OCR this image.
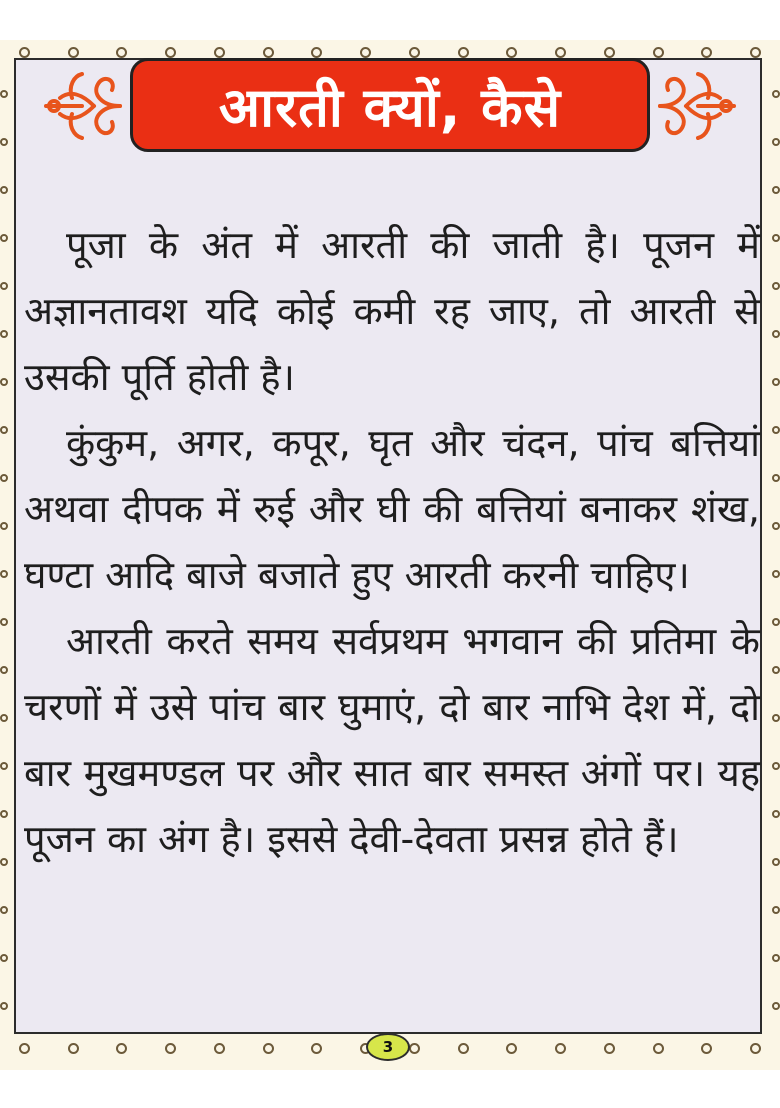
3
आरती क्यों, कैसे

पूजा के अंत में आरती की जाती है। पूजन में अज्ञानतावश यदि कोई कमी रह जाए, तो आरती से उसकी पूर्ति होती है।

कुंकुम, अगर, कपूर, घृत और चंदन, पांच बत्तियां अथवा दीपक में रुई और घी की बत्तियां बनाकर शंख, घण्टा आदि बाजे बजाते हुए आरती करनी चाहिए।

आरती करते समय सर्वप्रथम भगवान की प्रतिमा के चरणों में उसे पांच बार घुमाएं, दो बार नाभि देश में, दो बार मुखमण्डल पर और सात बार समस्त अंगों पर। यह पूजन का अंग है। इससे देवी-देवता प्रसन्न होते हैं।
